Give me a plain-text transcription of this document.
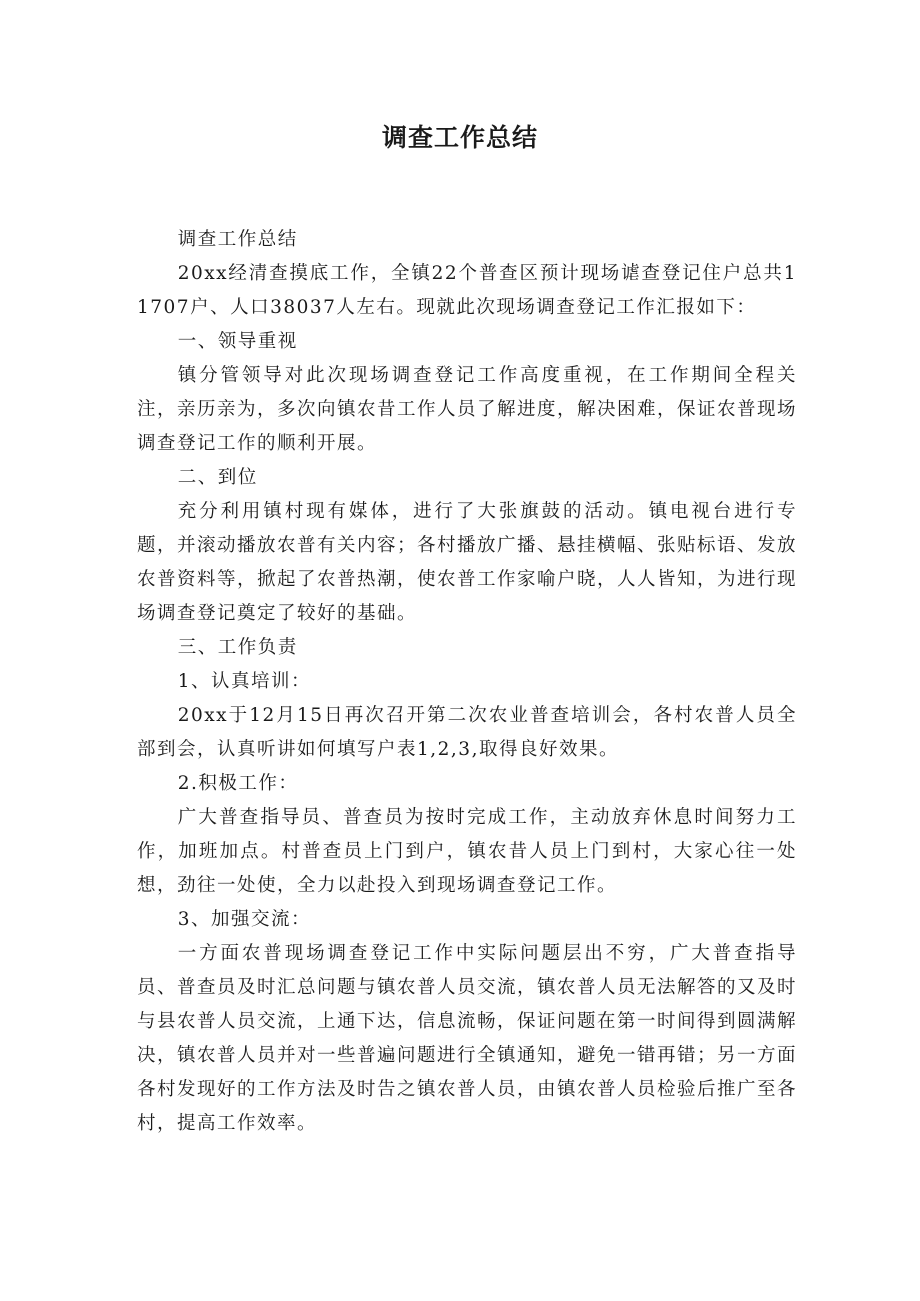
调查工作总结

调查工作总结

20xx经清查摸底工作，全镇22个普查区预计现场谑查登记住户总共11707户、人口38037人左右。现就此次现场调查登记工作汇报如下：

一、领导重视

镇分管领导对此次现场调查登记工作高度重视，在工作期间全程关注，亲历亲为，多次向镇农昔工作人员了解进度，解决困难，保证农普现场调查登记工作的顺利开展。

二、到位

充分利用镇村现有媒体，进行了大张旗鼓的活动。镇电视台进行专题，并滚动播放农普有关内容；各村播放广播、悬挂横幅、张贴标语、发放农普资料等，掀起了农普热潮，使农普工作家喻户晓，人人皆知，为进行现场调查登记奠定了较好的基础。

三、工作负责

1、认真培训：

20xx于12月15日再次召开第二次农业普查培训会，各村农普人员全部到会，认真听讲如何填写户表1,2,3,取得良好效果。

2.积极工作：

广大普查指导员、普查员为按时完成工作，主动放弃休息时间努力工作，加班加点。村普查员上门到户，镇农昔人员上门到村，大家心往一处想，劲往一处使，全力以赴投入到现场调查登记工作。

3、加强交流：

一方面农普现场调查登记工作中实际问题层出不穷，广大普查指导员、普查员及时汇总问题与镇农普人员交流，镇农普人员无法解答的又及时与县农普人员交流，上通下达，信息流畅，保证问题在第一时间得到圆满解决，镇农普人员并对一些普遍问题进行全镇通知，避免一错再错；另一方面各村发现好的工作方法及时告之镇农普人员，由镇农普人员检验后推广至各村，提高工作效率。
